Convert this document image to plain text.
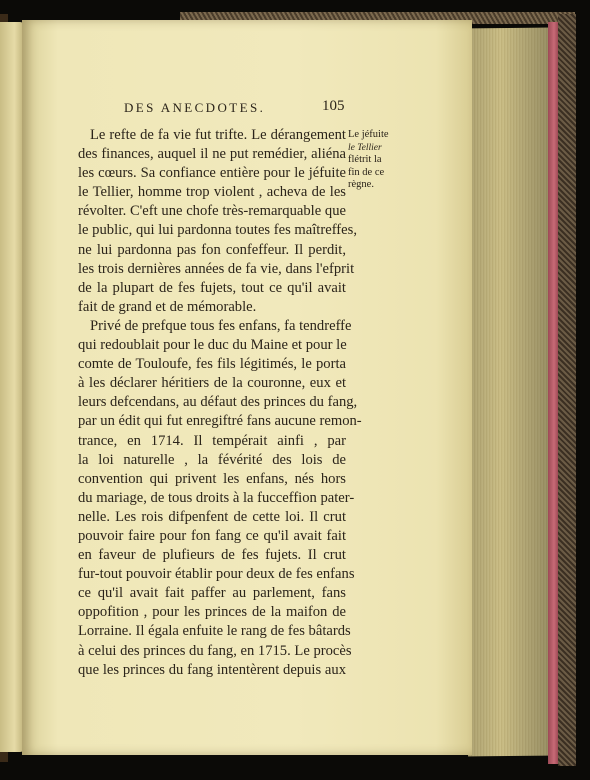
DES ANECDOTES.	105
Le jéfuite
le Tellier
flétrit la
fin de ce
règne.
Le refte de fa vie fut trifte. Le dérangement
des finances, auquel il ne put remédier, aliéna
les cœurs. Sa confiance entière pour le jéfuite
le Tellier, homme trop violent , acheva de les
révolter. C'eft une chofe très-remarquable que
le public, qui lui pardonna toutes fes maîtreffes,
ne lui pardonna pas fon confeffeur. Il perdit,
les trois dernières années de fa vie, dans l'efprit
de la plupart de fes fujets, tout ce qu'il avait
fait de grand et de mémorable.
Privé de prefque tous fes enfans, fa tendreffe
qui redoublait pour le duc du Maine et pour le
comte de Touloufe, fes fils légitimés, le porta
à les déclarer héritiers de la couronne, eux et
leurs defcendans, au défaut des princes du fang,
par un édit qui fut enregiftré fans aucune remon-
trance, en 1714. Il tempérait ainfi , par
la loi naturelle , la févérité des lois de
convention qui privent les enfans, nés hors
du mariage, de tous droits à la fucceffion pater-
nelle. Les rois difpenfent de cette loi. Il crut
pouvoir faire pour fon fang ce qu'il avait fait
en faveur de plufieurs de fes fujets. Il crut
fur-tout pouvoir établir pour deux de fes enfans
ce qu'il avait fait paffer au parlement, fans
oppofition , pour les princes de la maifon de
Lorraine. Il égala enfuite le rang de fes bâtards
à celui des princes du fang, en 1715. Le procès
que les princes du fang intentèrent depuis aux
